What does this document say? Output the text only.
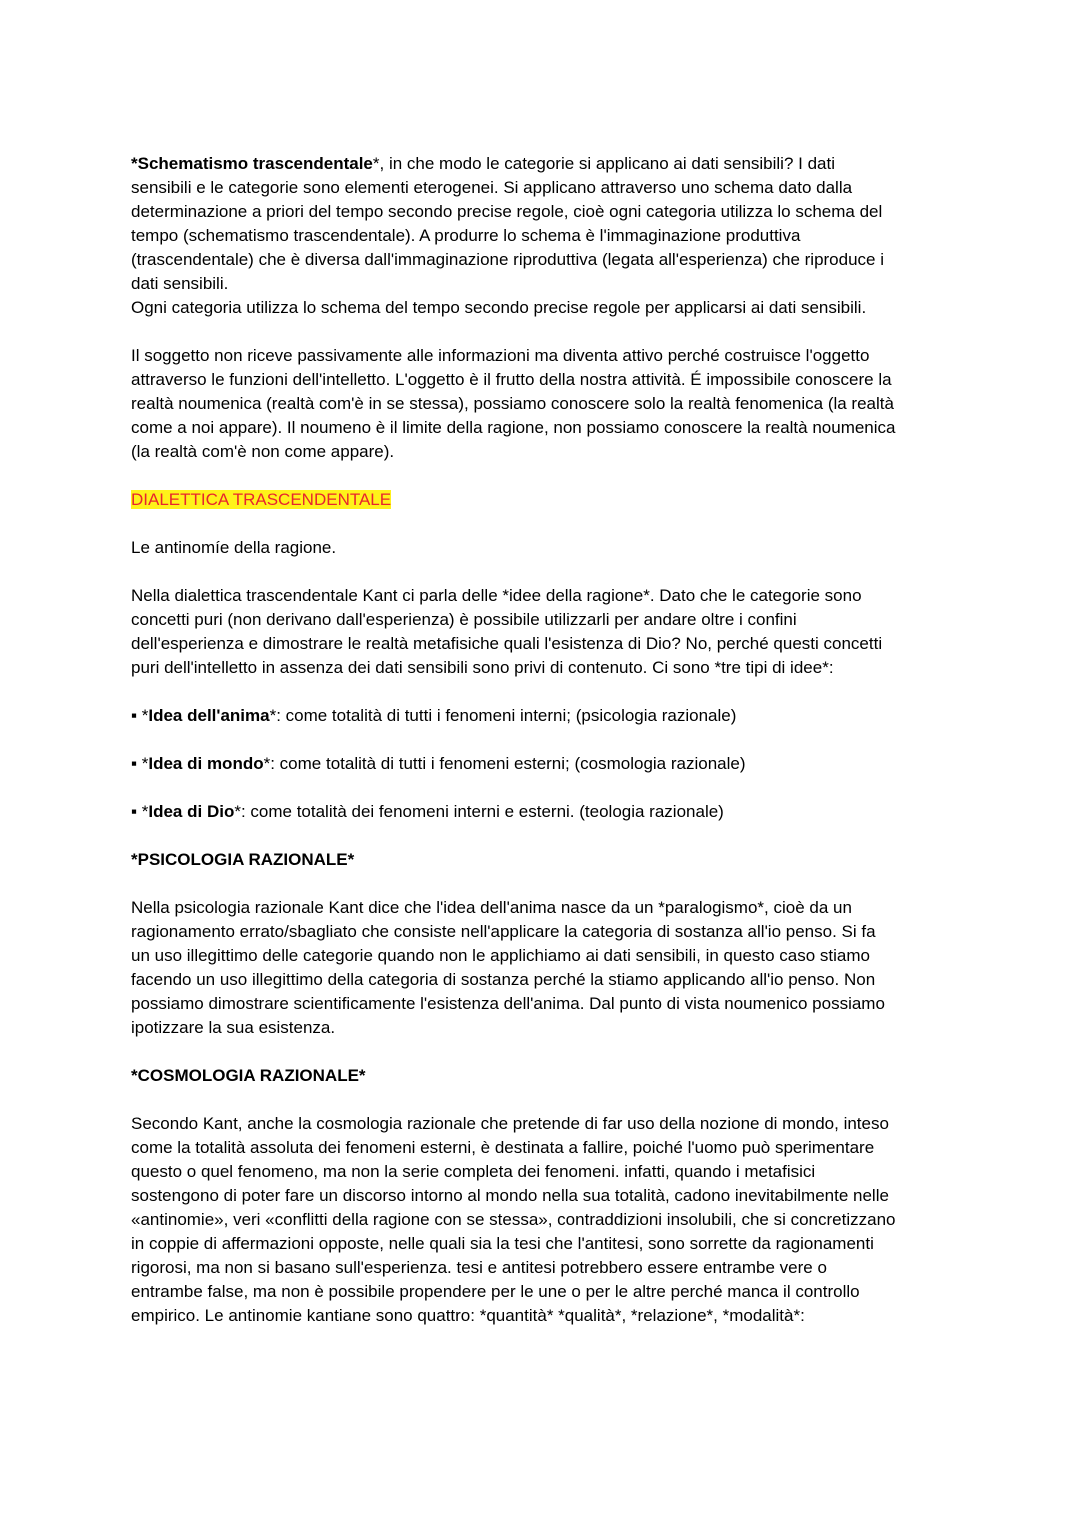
*Schematismo trascendentale*, in che modo le categorie si applicano ai dati sensibili? I dati

sensibili e le categorie sono elementi eterogenei. Si applicano attraverso uno schema dato dalla

determinazione a priori del tempo secondo precise regole, cioè ogni categoria utilizza lo schema del

tempo (schematismo trascendentale). A produrre lo schema è l'immaginazione produttiva

(trascendentale) che è diversa dall'immaginazione riproduttiva (legata all'esperienza) che riproduce i

dati sensibili.

Ogni categoria utilizza lo schema del tempo secondo precise regole per applicarsi ai dati sensibili.

Il soggetto non riceve passivamente alle informazioni ma diventa attivo perché costruisce l'oggetto

attraverso le funzioni dell'intelletto. L'oggetto è il frutto della nostra attività. É impossibile conoscere la

realtà noumenica (realtà com'è in se stessa), possiamo conoscere solo la realtà fenomenica (la realtà

come a noi appare). Il noumeno è il limite della ragione, non possiamo conoscere la realtà noumenica

(la realtà com'è non come appare).

DIALETTICA TRASCENDENTALE

Le antinomíe della ragione.

Nella dialettica trascendentale Kant ci parla delle *idee della ragione*. Dato che le categorie sono

concetti puri (non derivano dall'esperienza) è possibile utilizzarli per andare oltre i confini

dell'esperienza e dimostrare le realtà metafisiche quali l'esistenza di Dio? No, perché questi concetti

puri dell'intelletto in assenza dei dati sensibili sono privi di contenuto. Ci sono *tre tipi di idee*:

▪ *Idea dell'anima*: come totalità di tutti i fenomeni interni; (psicologia razionale)

▪ *Idea di mondo*: come totalità di tutti i fenomeni esterni; (cosmologia razionale)

▪ *Idea di Dio*: come totalità dei fenomeni interni e esterni. (teologia razionale)

*PSICOLOGIA RAZIONALE*

Nella psicologia razionale Kant dice che l'idea dell'anima nasce da un *paralogismo*, cioè da un

ragionamento errato/sbagliato che consiste nell'applicare la categoria di sostanza all'io penso. Si fa

un uso illegittimo delle categorie quando non le applichiamo ai dati sensibili, in questo caso stiamo

facendo un uso illegittimo della categoria di sostanza perché la stiamo applicando all'io penso. Non

possiamo dimostrare scientificamente l'esistenza dell'anima. Dal punto di vista noumenico possiamo

ipotizzare la sua esistenza.

*COSMOLOGIA RAZIONALE*

Secondo Kant, anche la cosmologia razionale che pretende di far uso della nozione di mondo, inteso

come la totalità assoluta dei fenomeni esterni, è destinata a fallire, poiché l'uomo può sperimentare

questo o quel fenomeno, ma non la serie completa dei fenomeni. infatti, quando i metafisici

sostengono di poter fare un discorso intorno al mondo nella sua totalità, cadono inevitabilmente nelle

«antinomie», veri «conflitti della ragione con se stessa», contraddizioni insolubili, che si concretizzano

in coppie di affermazioni opposte, nelle quali sia la tesi che l'antitesi, sono sorrette da ragionamenti

rigorosi, ma non si basano sull'esperienza. tesi e antitesi potrebbero essere entrambe vere o

entrambe false, ma non è possibile propendere per le une o per le altre perché manca il controllo

empirico. Le antinomie kantiane sono quattro: *quantità* *qualità*, *relazione*, *modalità*:
